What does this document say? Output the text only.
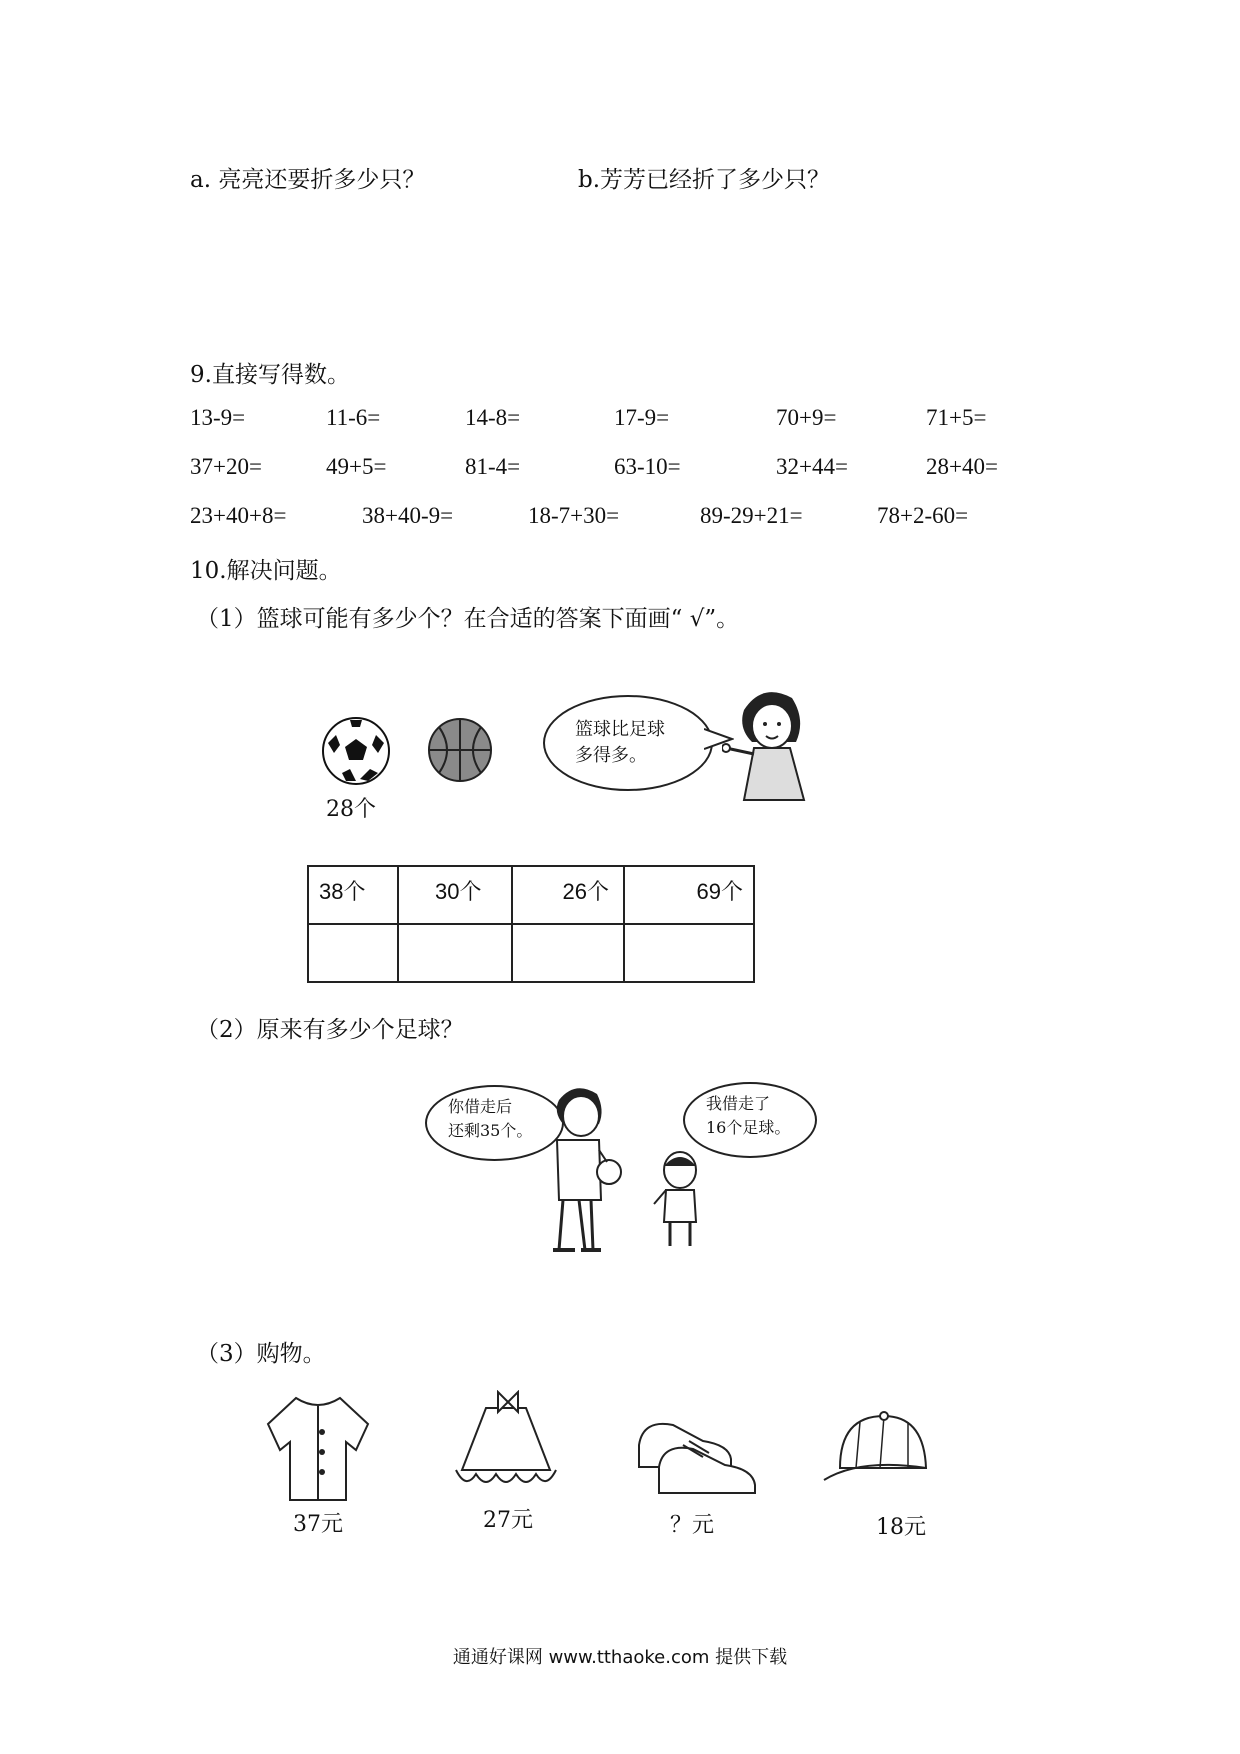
a. 亮亮还要折多少只？	b.芳芳已经折了多少只？
9.直接写得数。
13-9=	11-6=	14-8=	17-9=	70+9=	71+5=
37+20=	49+5=	81-4=	63-10=	32+44=	28+40=
23+40+8=	38+40-9=	18-7+30=	89-29+21=	78+2-60=
10.解决问题。
（1）篮球可能有多少个？在合适的答案下面画“ √”。
28个
篮球比足球
多得多。
38个	30个	26个	69个

（2）原来有多少个足球？
你借走后
还剩35个。
我借走了
16个足球。
（3）购物。
37元	27元	？元	18元
通通好课网 www.tthaoke.com 提供下载
